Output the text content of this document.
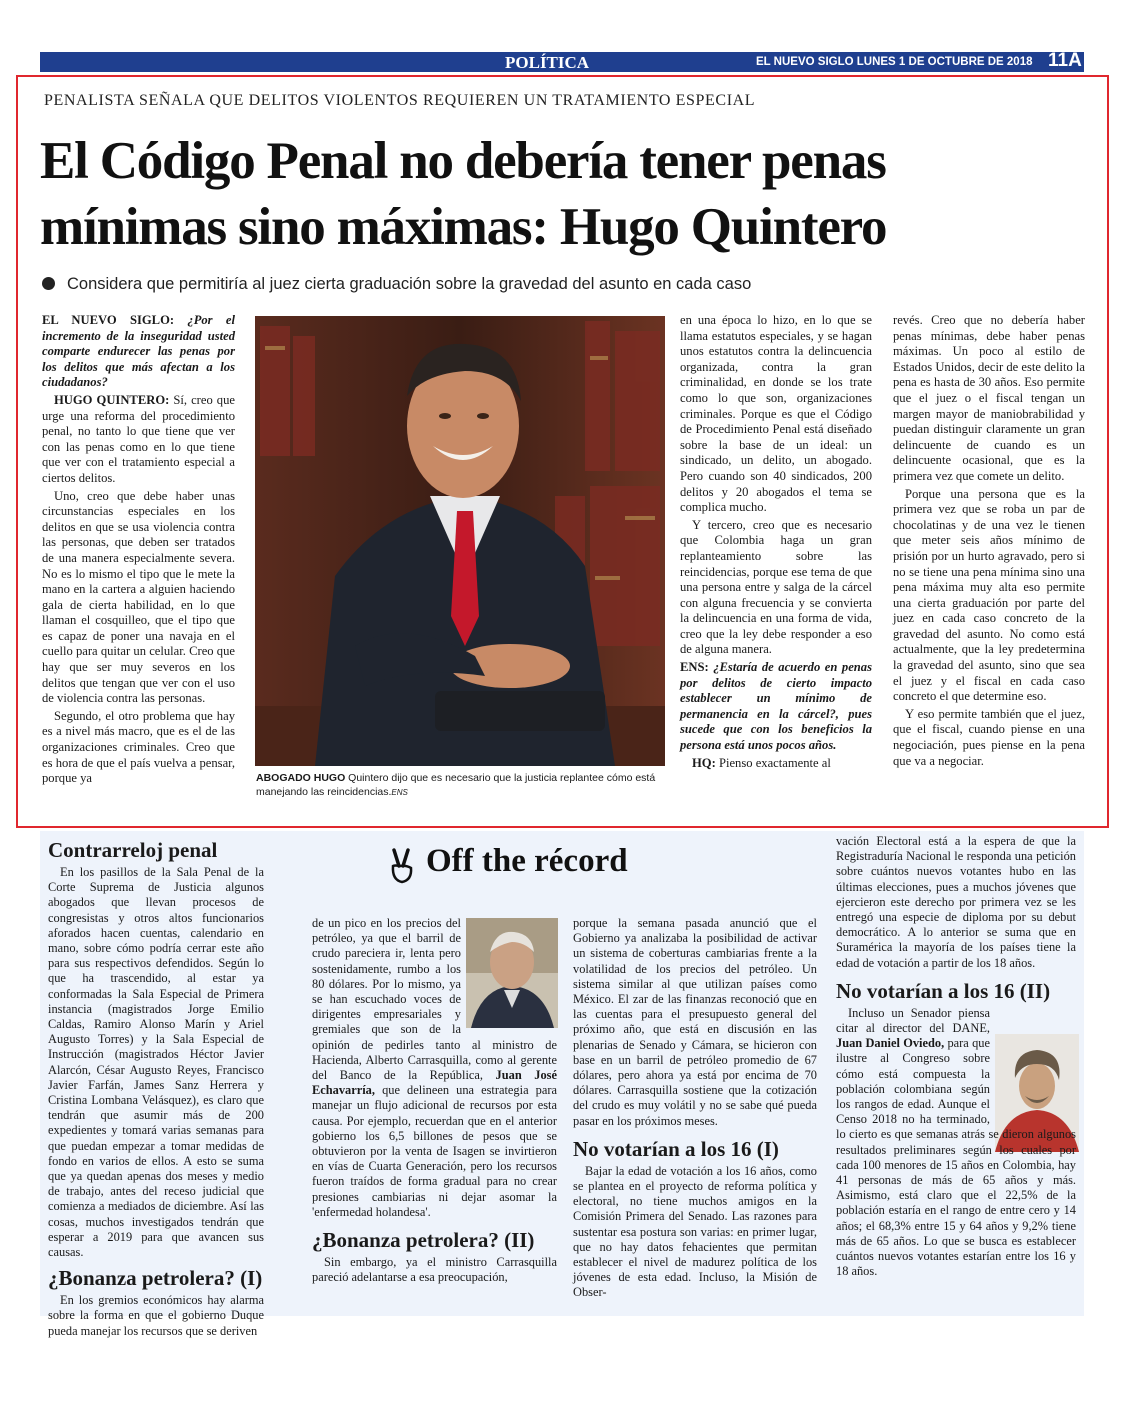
POLÍTICA	EL NUEVO SIGLO LUNES 1 DE OCTUBRE DE 2018 11A
PENALISTA SEÑALA QUE DELITOS VIOLENTOS REQUIEREN UN TRATAMIENTO ESPECIAL
El Código Penal no debería tener penas
mínimas sino máximas: Hugo Quintero
Considera que permitiría al juez cierta graduación sobre la gravedad del asunto en cada caso

EL NUEVO SIGLO: ¿Por el incremento de la inseguridad usted comparte endurecer las penas por los delitos que más afectan a los ciudadanos?

HUGO QUINTERO: Sí, creo que urge una reforma del procedimiento penal, no tanto lo que tiene que ver con las penas como en lo que tiene que ver con el tratamiento especial a ciertos delitos.

Uno, creo que debe haber unas circunstancias especiales en los delitos en que se usa violencia contra las personas, que deben ser tratados de una manera especialmente severa. No es lo mismo el tipo que le mete la mano en la cartera a alguien haciendo gala de cierta habilidad, en lo que llaman el cosquilleo, que el tipo que es capaz de poner una navaja en el cuello para quitar un celular. Creo que hay que ser muy severos en los delitos que tengan que ver con el uso de violencia contra las personas.

Segundo, el otro problema que hay es a nivel más macro, que es el de las organizaciones criminales. Creo que es hora de que el país vuelva a pensar, porque ya	ABOGADO HUGO Quintero dijo que es necesario que la justicia replantee cómo está manejando las reincidencias.ENS

en una época lo hizo, en lo que se llama estatutos especiales, y se hagan unos estatutos contra la delincuencia organizada, contra la gran criminalidad, en donde se los trate como lo que son, organizaciones criminales. Porque es que el Código de Procedimiento Penal está diseñado sobre la base de un ideal: un sindicado, un delito, un abogado. Pero cuando son 40 sindicados, 200 delitos y 20 abogados el tema se complica mucho.

Y tercero, creo que es necesario que Colombia haga un gran replanteamiento sobre las reincidencias, porque ese tema de que una persona entre y salga de la cárcel con alguna frecuencia y se convierta la delincuencia en una forma de vida, creo que la ley debe responder a eso de alguna manera.

ENS: ¿Estaría de acuerdo en penas por delitos de cierto impacto establecer un mínimo de permanencia en la cárcel?, pues sucede que con los beneficios la persona está unos pocos años.

HQ: Pienso exactamente al

revés. Creo que no debería haber penas mínimas, debe haber penas máximas. Un poco al estilo de Estados Unidos, decir de este delito la pena es hasta de 30 años. Eso permite que el juez o el fiscal tengan un margen mayor de maniobrabilidad y puedan distinguir claramente un gran delincuente de cuando es un delincuente ocasional, que es la primera vez que comete un delito.

Porque una persona que es la primera vez que se roba un par de chocolatinas y de una vez le tienen que meter seis años mínimo de prisión por un hurto agravado, pero si no se tiene una pena mínima sino una pena máxima muy alta eso permite una cierta graduación por parte del juez en cada caso concreto de la gravedad del asunto. No como está actualmente, que la ley predetermina la gravedad del asunto, sino que sea el juez y el fiscal en cada caso concreto el que determine eso.

Y eso permite también que el juez, que el fiscal, cuando piense en una negociación, pues piense en la pena que va a negociar.

Off the récord
Contrarreloj penal

En los pasillos de la Sala Penal de la Corte Suprema de Justicia algunos abogados que llevan procesos de congresistas y otros altos funcionarios aforados hacen cuentas, calendario en mano, sobre cómo podría cerrar este año para sus respectivos defendidos. Según lo que ha trascendido, al estar ya conformadas la Sala Especial de Primera instancia (magistrados Jorge Emilio Caldas, Ramiro Alonso Marín y Ariel Augusto Torres) y la Sala Especial de Instrucción (magistrados Héctor Javier Alarcón, César Augusto Reyes, Francisco Javier Farfán, James Sanz Herrera y Cristina Lombana Velásquez), es claro que tendrán que asumir más de 200 expedientes y tomará varias semanas para que puedan empezar a tomar medidas de fondo en varios de ellos. A esto se suma que ya quedan apenas dos meses y medio de trabajo, antes del receso judicial que comienza a mediados de diciembre. Así las cosas, muchos investigados tendrán que esperar a 2019 para que avancen sus causas.

¿Bonanza petrolera? (I)

En los gremios económicos hay alarma sobre la forma en que el gobierno Duque pueda manejar los recursos que se deriven

de un pico en los precios del petróleo, ya que el barril de crudo pareciera ir, lenta pero sostenidamente, rumbo a los 80 dólares. Por lo mismo, ya se han escuchado voces de dirigentes empresariales y gremiales que son de la opinión de pedirles tanto al ministro de Hacienda, Alberto Carrasquilla, como al gerente del Banco de la República, Juan José Echavarría, que delineen una estrategia para manejar un flujo adicional de recursos por esta causa. Por ejemplo, recuerdan que en el anterior gobierno los 6,5 billones de pesos que se obtuvieron por la venta de Isagen se invirtieron en vías de Cuarta Generación, pero los recursos fueron traídos de forma gradual para no crear presiones cambiarias ni dejar asomar la 'enfermedad holandesa'.

¿Bonanza petrolera? (II)

Sin embargo, ya el ministro Carrasquilla pareció adelantarse a esa preocupación,

porque la semana pasada anunció que el Gobierno ya analizaba la posibilidad de activar un sistema de coberturas cambiarias frente a la volatilidad de los precios del petróleo. Un sistema similar al que utilizan países como México. El zar de las finanzas reconoció que en las cuentas para el presupuesto general del próximo año, que está en discusión en las plenarias de Senado y Cámara, se hicieron con base en un barril de petróleo promedio de 67 dólares, pero ahora ya está por encima de 70 dólares. Carrasquilla sostiene que la cotización del crudo es muy volátil y no se sabe qué pueda pasar en los próximos meses.

No votarían a los 16 (I)

Bajar la edad de votación a los 16 años, como se plantea en el proyecto de reforma política y electoral, no tiene muchos amigos en la Comisión Primera del Senado. Las razones para sustentar esa postura son varias: en primer lugar, que no hay datos fehacientes que permitan establecer el nivel de madurez política de los jóvenes de esta edad. Incluso, la Misión de Obser-

vación Electoral está a la espera de que la Registraduría Nacional le responda una petición sobre cuántos nuevos votantes hubo en las últimas elecciones, pues a muchos jóvenes que ejercieron este derecho por primera vez se les entregó una especie de diploma por su debut democrático. A lo anterior se suma que en Suramérica la mayoría de los países tiene la edad de votación a partir de los 18 años.

No votarían a los 16 (II)

Incluso un Senador piensa citar al director del DANE, Juan Daniel Oviedo, para que ilustre al Congreso sobre cómo está compuesta la población colombiana según los rangos de edad. Aunque el Censo 2018 no ha terminado, lo cierto es que semanas atrás se dieron algunos resultados preliminares según los cuales por cada 100 menores de 15 años en Colombia, hay 41 personas de más de 65 años y más. Asimismo, está claro que el 22,5% de la población estaría en el rango de entre cero y 14 años; el 68,3% entre 15 y 64 años y 9,2% tiene más de 65 años. Lo que se busca es establecer cuántos nuevos votantes estarían entre los 16 y 18 años.
